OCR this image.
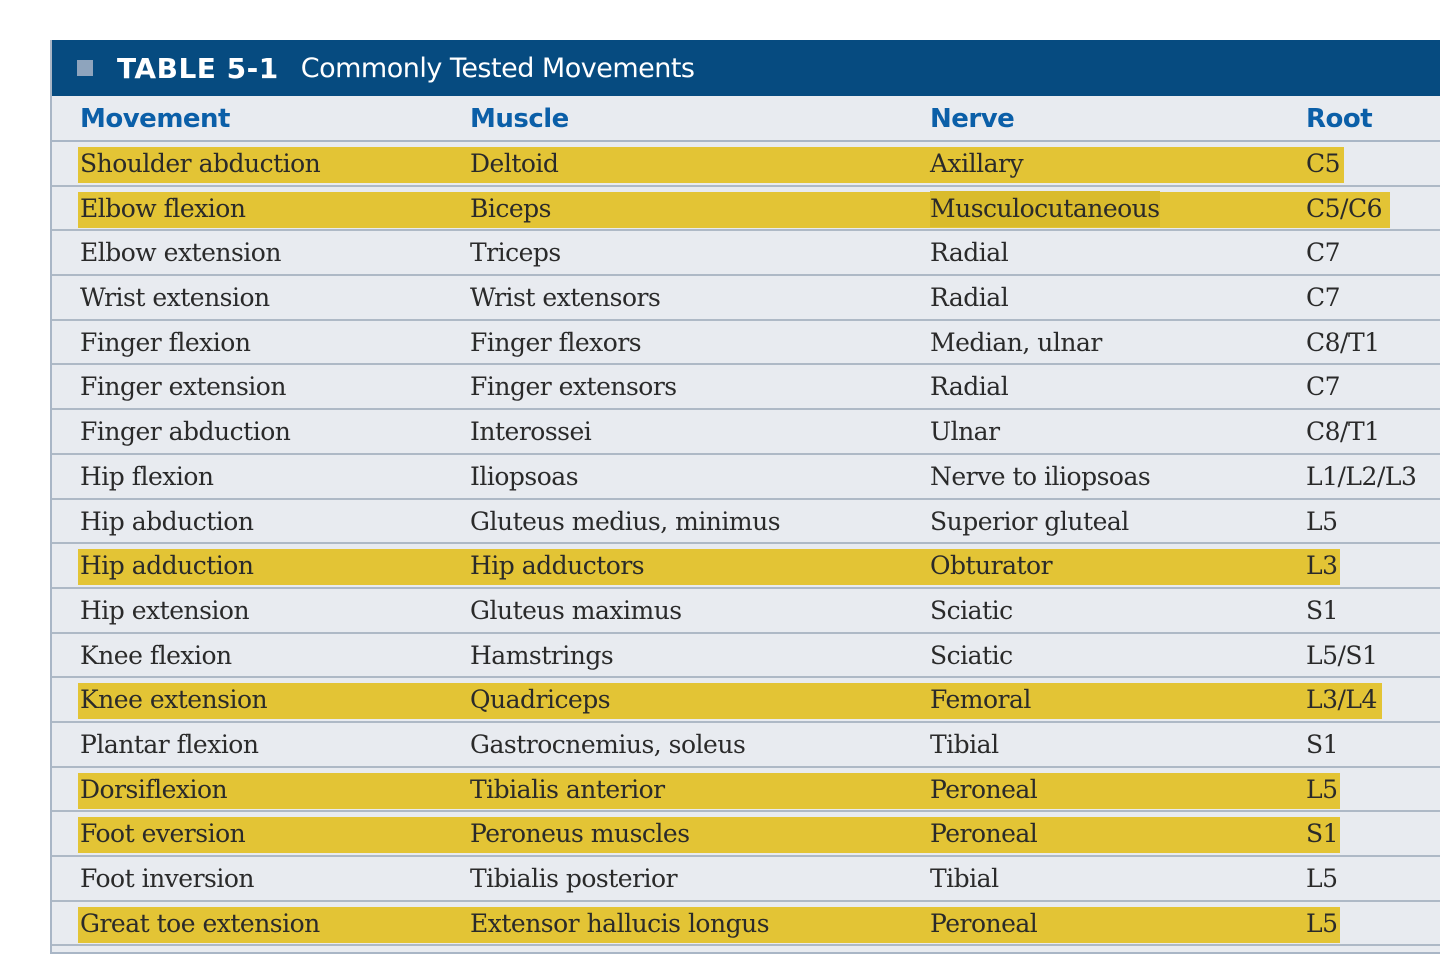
TABLE 5-1 Commonly Tested Movements
Movement	Muscle	Nerve	Root
Shoulder abduction	Deltoid	Axillary	C5
Elbow flexion	Biceps	Musculocutaneous	C5/C6
Elbow extension	Triceps	Radial	C7
Wrist extension	Wrist extensors	Radial	C7
Finger flexion	Finger flexors	Median, ulnar	C8/T1
Finger extension	Finger extensors	Radial	C7
Finger abduction	Interossei	Ulnar	C8/T1
Hip flexion	Iliopsoas	Nerve to iliopsoas	L1/L2/L3
Hip abduction	Gluteus medius, minimus	Superior gluteal	L5
Hip adduction	Hip adductors	Obturator	L3
Hip extension	Gluteus maximus	Sciatic	S1
Knee flexion	Hamstrings	Sciatic	L5/S1
Knee extension	Quadriceps	Femoral	L3/L4
Plantar flexion	Gastrocnemius, soleus	Tibial	S1
Dorsiflexion	Tibialis anterior	Peroneal	L5
Foot eversion	Peroneus muscles	Peroneal	S1
Foot inversion	Tibialis posterior	Tibial	L5
Great toe extension	Extensor hallucis longus	Peroneal	L5
